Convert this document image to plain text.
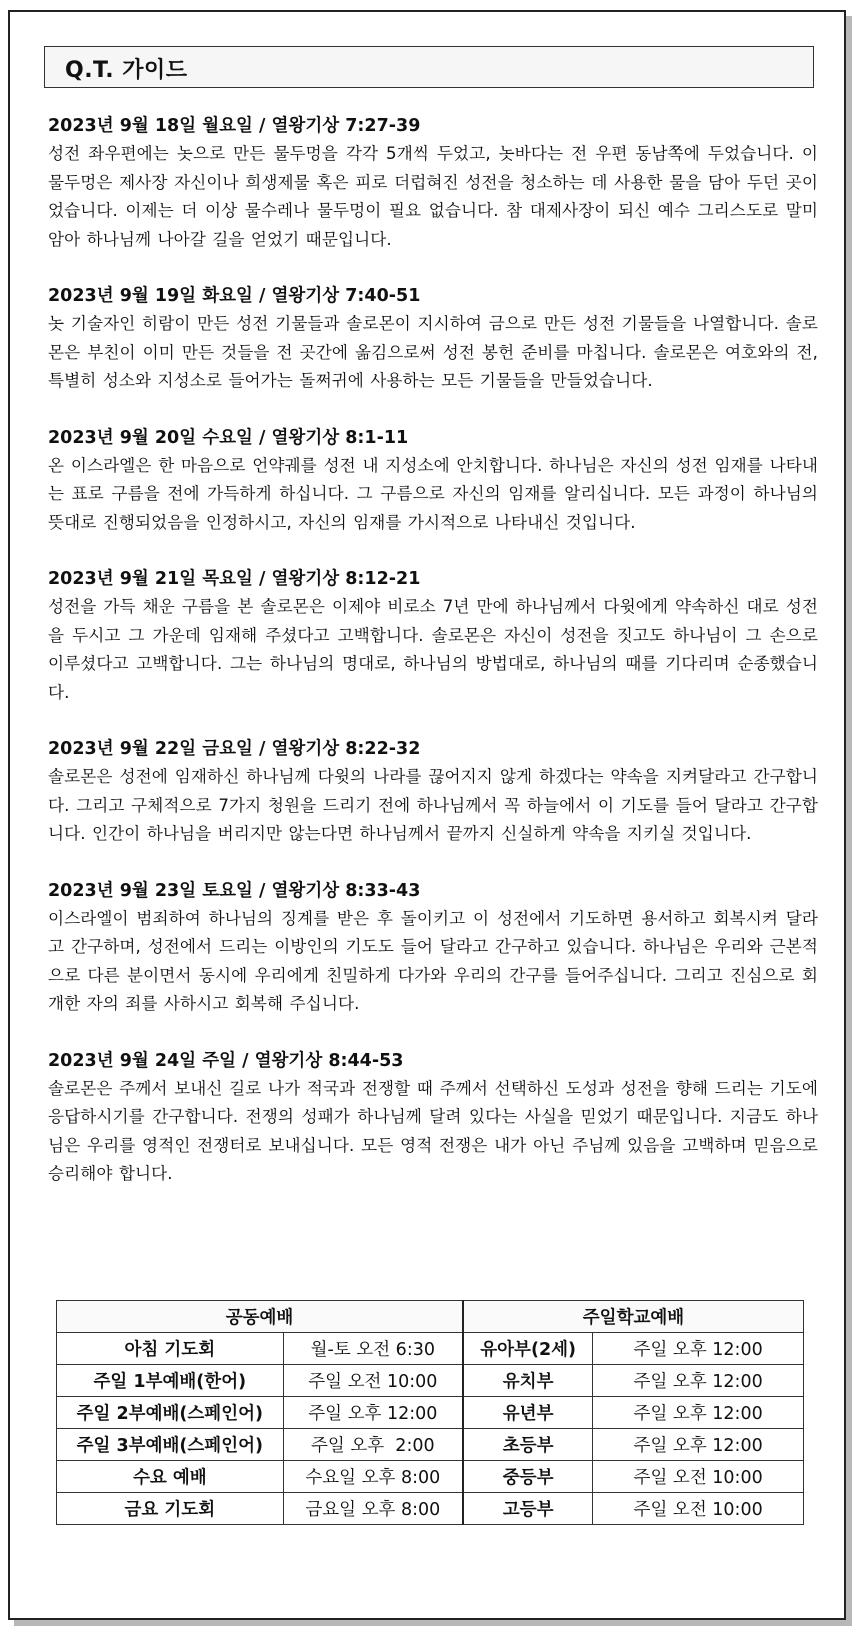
Q.T. 가이드
2023년 9월 18일 월요일 / 열왕기상 7:27-39
성전 좌우편에는 놋으로 만든 물두멍을 각각 5개씩 두었고, 놋바다는 전 우편 동남쪽에 두었습니다. 이 물두멍은 제사장 자신이나 희생제물 혹은 피로 더럽혀진 성전을 청소하는 데 사용한 물을 담아 두던 곳이었습니다. 이제는 더 이상 물수레나 물두멍이 필요 없습니다. 참 대제사장이 되신 예수 그리스도로 말미암아 하나님께 나아갈 길을 얻었기 때문입니다.
2023년 9월 19일 화요일 / 열왕기상 7:40-51
놋 기술자인 히람이 만든 성전 기물들과 솔로몬이 지시하여 금으로 만든 성전 기물들을 나열합니다. 솔로몬은 부친이 이미 만든 것들을 전 곳간에 옮김으로써 성전 봉헌 준비를 마칩니다. 솔로몬은 여호와의 전, 특별히 성소와 지성소로 들어가는 돌쩌귀에 사용하는 모든 기물들을 만들었습니다.
2023년 9월 20일 수요일 / 열왕기상 8:1-11
온 이스라엘은 한 마음으로 언약궤를 성전 내 지성소에 안치합니다. 하나님은 자신의 성전 임재를 나타내는 표로 구름을 전에 가득하게 하십니다. 그 구름으로 자신의 임재를 알리십니다. 모든 과정이 하나님의 뜻대로 진행되었음을 인정하시고, 자신의 임재를 가시적으로 나타내신 것입니다.
2023년 9월 21일 목요일 / 열왕기상 8:12-21
성전을 가득 채운 구름을 본 솔로몬은 이제야 비로소 7년 만에 하나님께서 다윗에게 약속하신 대로 성전을 두시고 그 가운데 임재해 주셨다고 고백합니다. 솔로몬은 자신이 성전을 짓고도 하나님이 그 손으로 이루셨다고 고백합니다. 그는 하나님의 명대로, 하나님의 방법대로, 하나님의 때를 기다리며 순종했습니다.
2023년 9월 22일 금요일 / 열왕기상 8:22-32
솔로몬은 성전에 임재하신 하나님께 다윗의 나라를 끊어지지 않게 하겠다는 약속을 지켜달라고 간구합니다. 그리고 구체적으로 7가지 청원을 드리기 전에 하나님께서 꼭 하늘에서 이 기도를 들어 달라고 간구합니다. 인간이 하나님을 버리지만 않는다면 하나님께서 끝까지 신실하게 약속을 지키실 것입니다.
2023년 9월 23일 토요일 / 열왕기상 8:33-43
이스라엘이 범죄하여 하나님의 징계를 받은 후 돌이키고 이 성전에서 기도하면 용서하고 회복시켜 달라고 간구하며, 성전에서 드리는 이방인의 기도도 들어 달라고 간구하고 있습니다. 하나님은 우리와 근본적으로 다른 분이면서 동시에 우리에게 친밀하게 다가와 우리의 간구를 들어주십니다. 그리고 진심으로 회개한 자의 죄를 사하시고 회복해 주십니다.
2023년 9월 24일 주일 / 열왕기상 8:44-53
솔로몬은 주께서 보내신 길로 나가 적국과 전쟁할 때 주께서 선택하신 도성과 성전을 향해 드리는 기도에 응답하시기를 간구합니다. 전쟁의 성패가 하나님께 달려 있다는 사실을 믿었기 때문입니다. 지금도 하나님은 우리를 영적인 전쟁터로 보내십니다. 모든 영적 전쟁은 내가 아닌 주님께 있음을 고백하며 믿음으로 승리해야 합니다.
공동예배		주일학교예배	
아침 기도회	월-토 오전 6:30	유아부(2세)	주일 오후 12:00
주일 1부예배(한어)	주일 오전 10:00	유치부	주일 오후 12:00
주일 2부예배(스페인어)	주일 오후 12:00	유년부	주일 오후 12:00
주일 3부예배(스페인어)	주일 오후  2:00	초등부	주일 오후 12:00
수요 예배	수요일 오후 8:00	중등부	주일 오전 10:00
금요 기도회	금요일 오후 8:00	고등부	주일 오전 10:00
